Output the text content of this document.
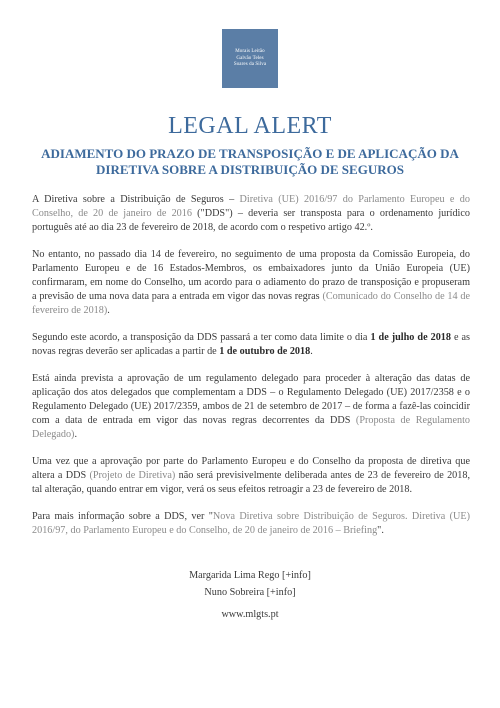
Morais Leitão
Galvão Teles
Soares da Silva
LEGAL ALERT
ADIAMENTO DO PRAZO DE TRANSPOSIÇÃO E DE APLICAÇÃO DA DIRETIVA SOBRE A DISTRIBUIÇÃO DE SEGUROS

A Diretiva sobre a Distribuição de Seguros – Diretiva (UE) 2016/97 do Parlamento Europeu e do Conselho, de 20 de janeiro de 2016 ("DDS") – deveria ser transposta para o ordenamento jurídico português até ao dia 23 de fevereiro de 2018, de acordo com o respetivo artigo 42.º.

No entanto, no passado dia 14 de fevereiro, no seguimento de uma proposta da Comissão Europeia, do Parlamento Europeu e de 16 Estados-Membros, os embaixadores junto da União Europeia (UE) confirmaram, em nome do Conselho, um acordo para o adiamento do prazo de transposição e propuseram a previsão de uma nova data para a entrada em vigor das novas regras (Comunicado do Conselho de 14 de fevereiro de 2018).

Segundo este acordo, a transposição da DDS passará a ter como data limite o dia 1 de julho de 2018 e as novas regras deverão ser aplicadas a partir de 1 de outubro de 2018.

Está ainda prevista a aprovação de um regulamento delegado para proceder à alteração das datas de aplicação dos atos delegados que complementam a DDS – o Regulamento Delegado (UE) 2017/2358 e o Regulamento Delegado (UE) 2017/2359, ambos de 21 de setembro de 2017 – de forma a fazê-las coincidir com a data de entrada em vigor das novas regras decorrentes da DDS (Proposta de Regulamento Delegado).

Uma vez que a aprovação por parte do Parlamento Europeu e do Conselho da proposta de diretiva que altera a DDS (Projeto de Diretiva) não será previsivelmente deliberada antes de 23 de fevereiro de 2018, tal alteração, quando entrar em vigor, verá os seus efeitos retroagir a 23 de fevereiro de 2018.

Para mais informação sobre a DDS, ver "Nova Diretiva sobre Distribuição de Seguros. Diretiva (UE) 2016/97, do Parlamento Europeu e do Conselho, de 20 de janeiro de 2016 – Briefing".

Margarida Lima Rego [+info]
Nuno Sobreira [+info]
www.mlgts.pt
